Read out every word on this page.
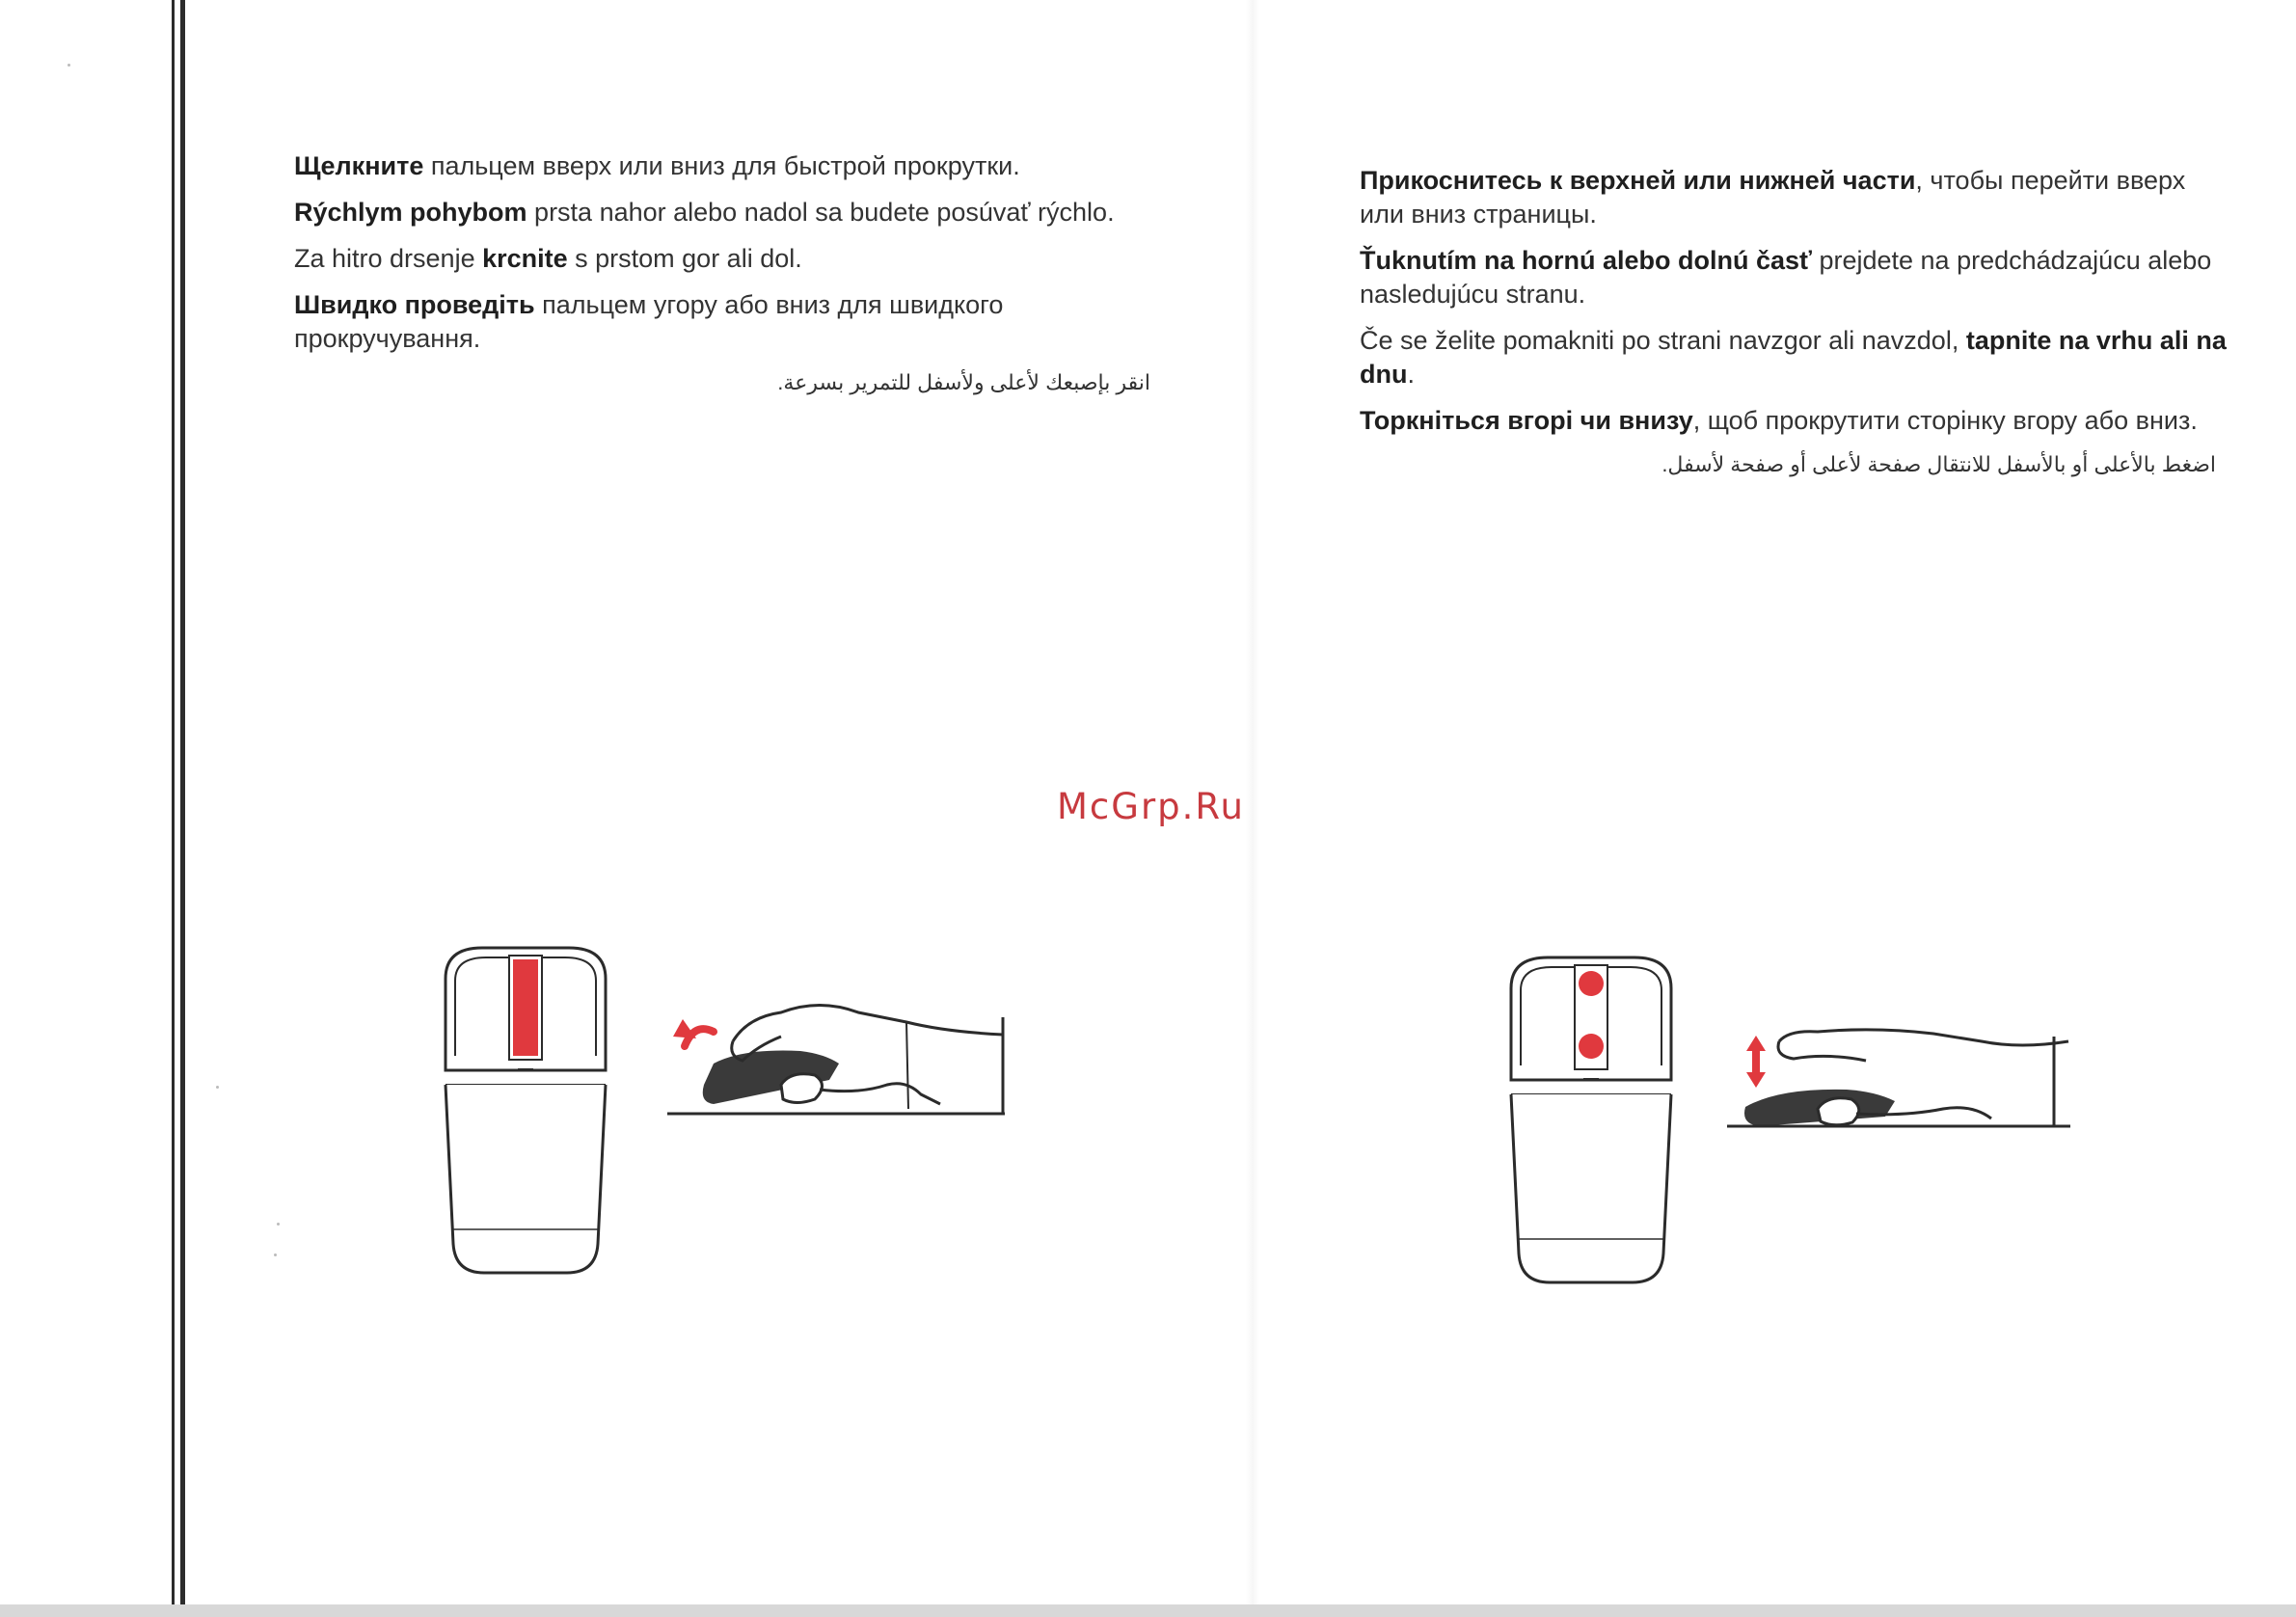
Щелкните пальцем вверх или вниз для быстрой прокрутки.

Rýchlym pohybom prsta nahor alebo nadol sa budete posúvať rýchlo.

Za hitro drsenje krcnite s prstom gor ali dol.

Швидко проведіть пальцем угору або вниз для швидкого прокручування.

انقر بإصبعك لأعلى ولأسفل للتمرير بسرعة.

Прикоснитесь к верхней или нижней части, чтобы перейти вверх или вниз страницы.

Ťuknutím na hornú alebo dolnú časť prejdete na predchádzajúcu alebo nasledujúcu stranu.

Če se želite pomakniti po strani navzgor ali navzdol, tapnite na vrhu ali na dnu.

Торкніться вгорі чи внизу, щоб прокрутити сторінку вгору або вниз.

اضغط بالأعلى أو بالأسفل للانتقال صفحة لأعلى أو صفحة لأسفل.

McGrp.Ru
